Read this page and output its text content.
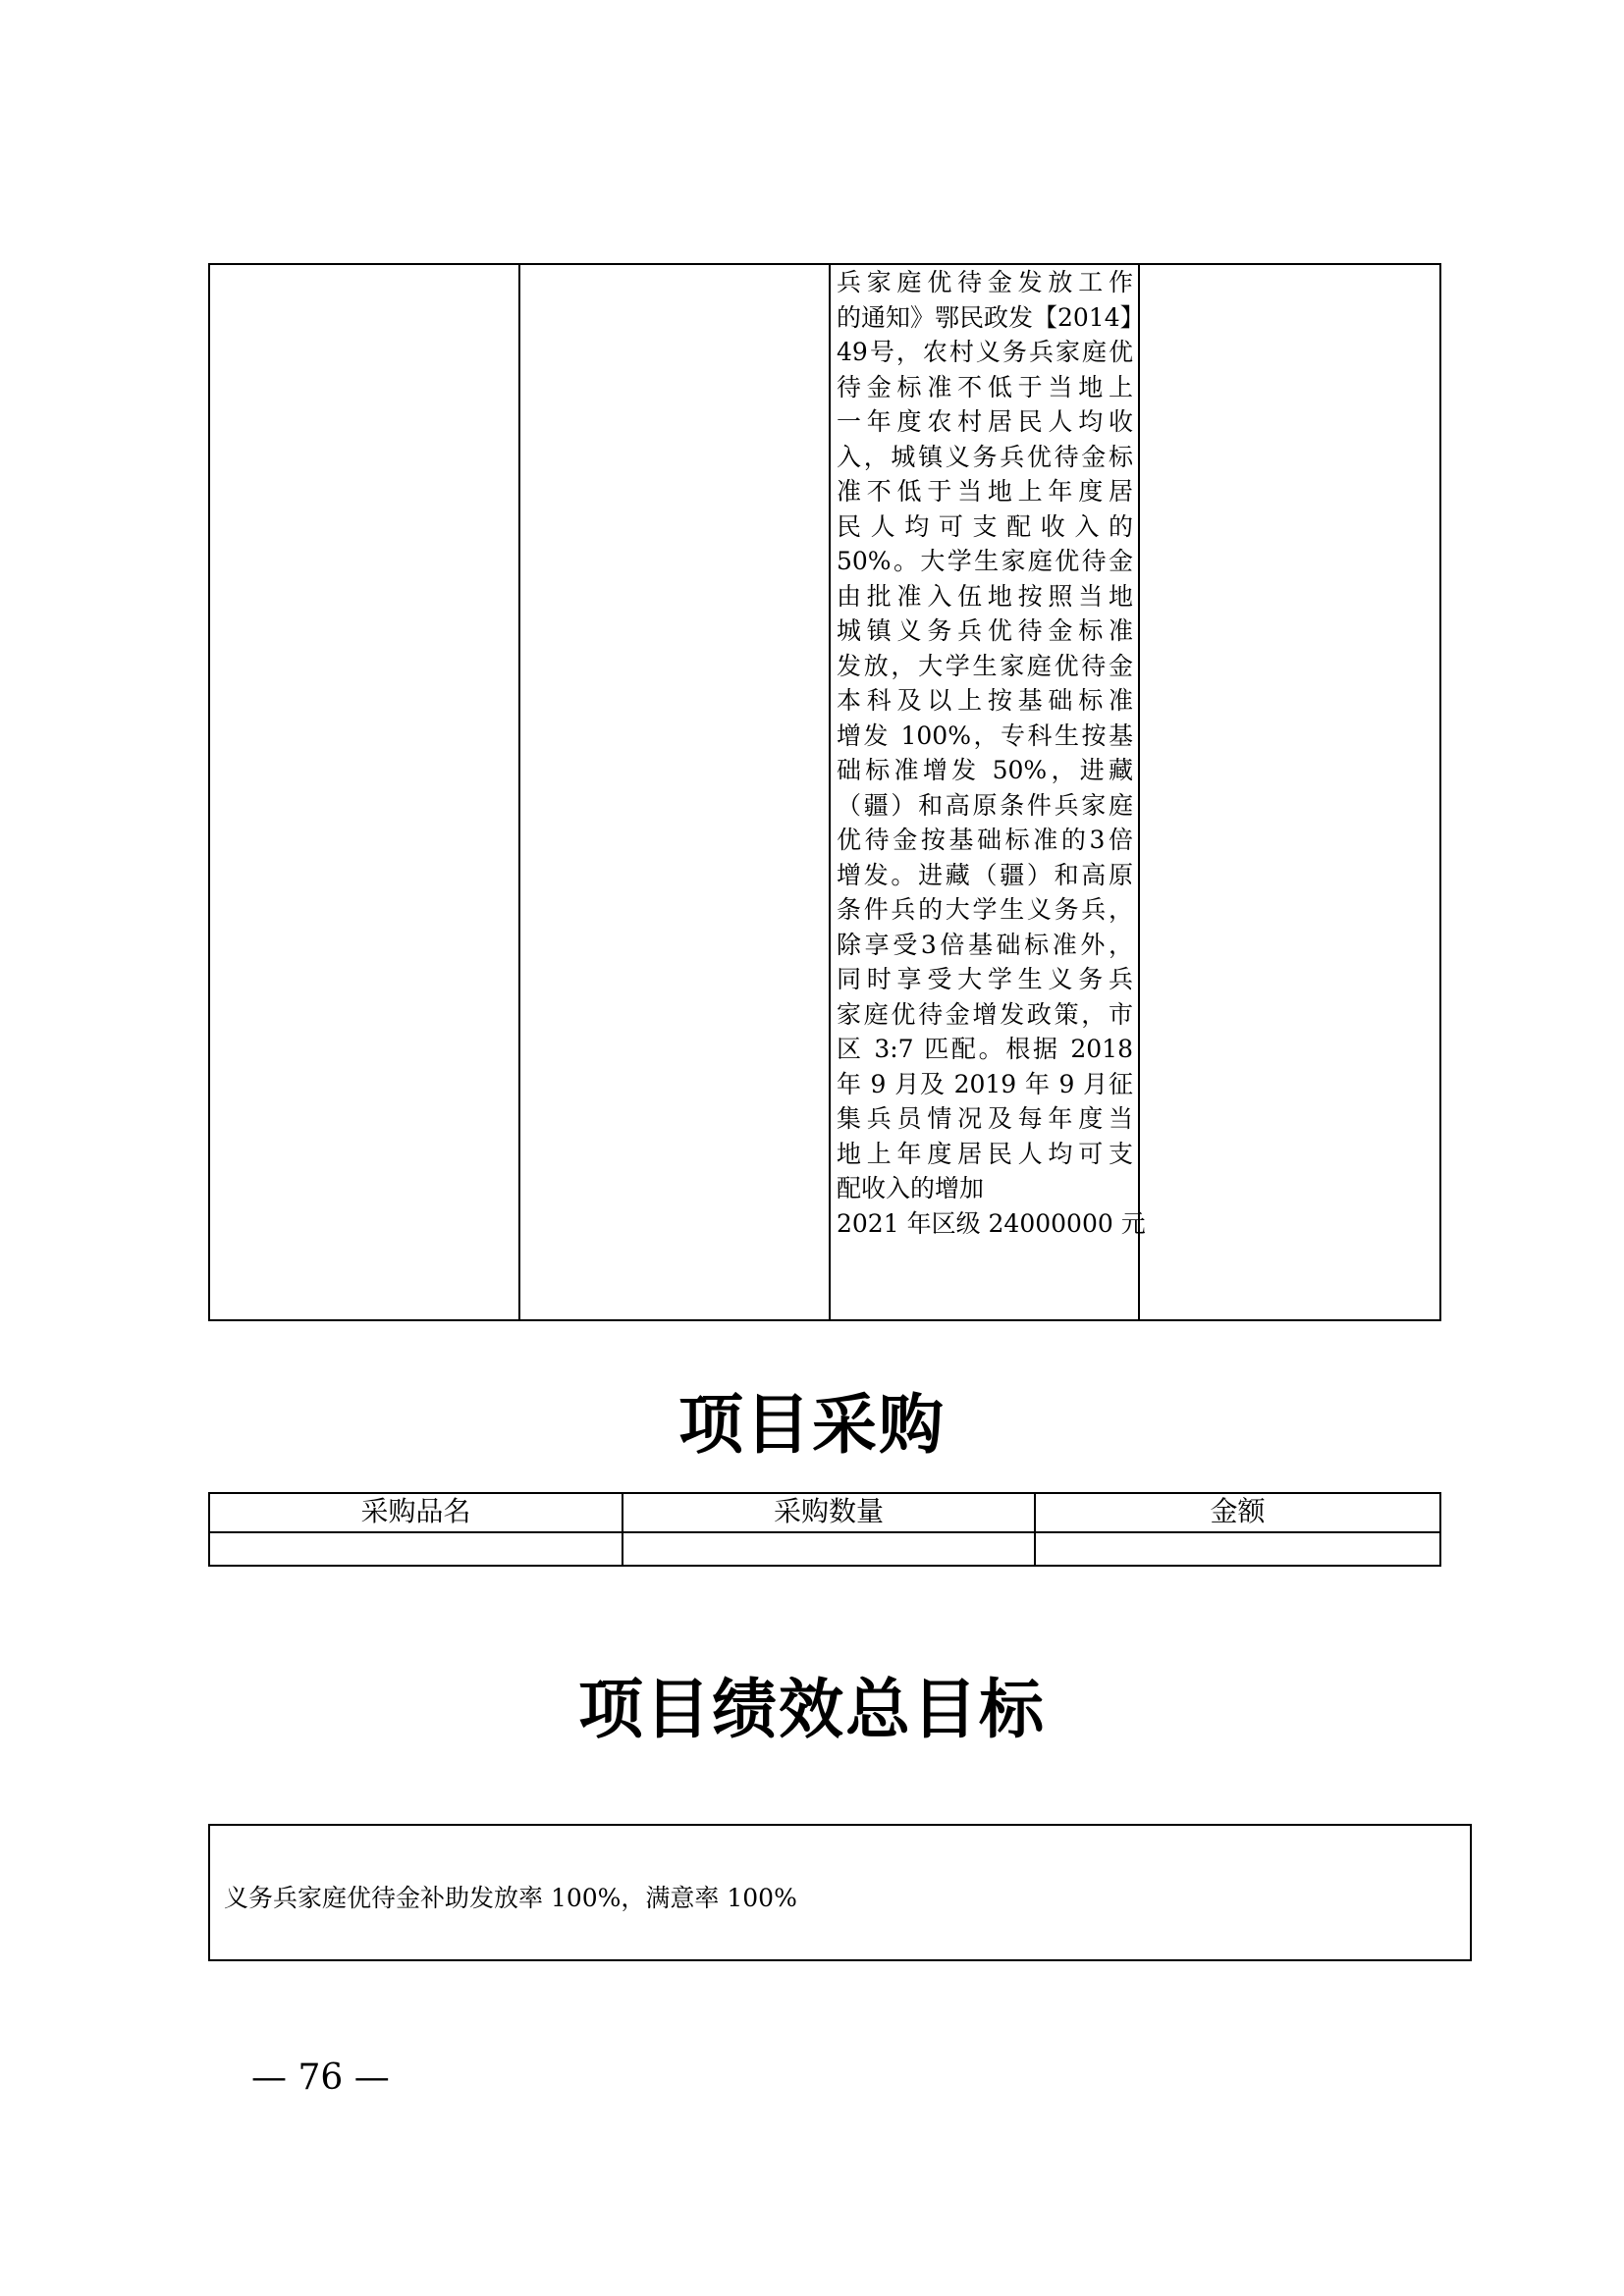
兵家庭优待金发放工作
的通知》鄂民政发【2014】
49号，农村义务兵家庭优
待金标准不低于当地上
一年度农村居民人均收
入，城镇义务兵优待金标
准不低于当地上年度居
民人均可支配收入的
50%。大学生家庭优待金
由批准入伍地按照当地
城镇义务兵优待金标准
发放，大学生家庭优待金
本科及以上按基础标准
增发 100%，专科生按基
础标准增发 50%，进藏
（疆）和高原条件兵家庭
优待金按基础标准的3倍
增发。进藏（疆）和高原
条件兵的大学生义务兵，
除享受3倍基础标准外，
同时享受大学生义务兵
家庭优待金增发政策，市
区 3:7 匹配。根据 2018
年 9 月及 2019 年 9 月征
集兵员情况及每年度当
地上年度居民人均可支
配收入的增加
2021 年区级 24000000 元
项目采购
采购品名	采购数量	金额
项目绩效总目标
义务兵家庭优待金补助发放率 100%，满意率 100%
— 76 —
